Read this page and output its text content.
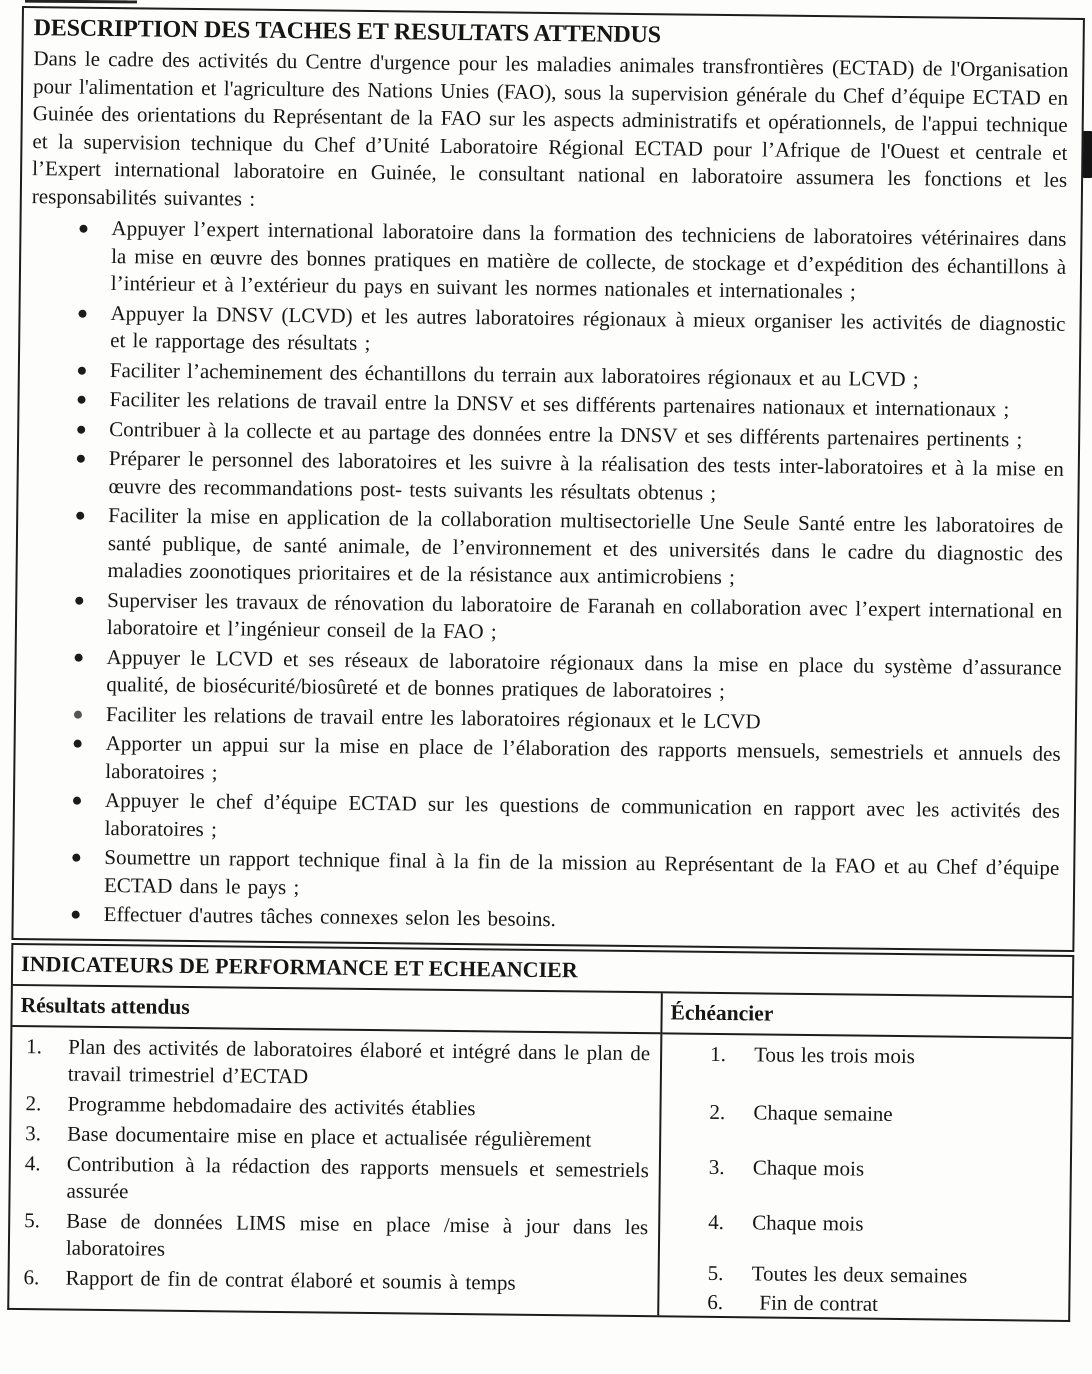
DESCRIPTION DES TACHES ET RESULTATS ATTENDUS

Dans le cadre des activités du Centre d'urgence pour les maladies animales transfrontières (ECTAD) de l'Organisation pour l'alimentation et l'agriculture des Nations Unies (FAO), sous la supervision générale du Chef d’équipe ECTAD en Guinée des orientations du Représentant de la FAO sur les aspects administratifs et opérationnels, de l'appui technique et la supervision technique du Chef d’Unité Laboratoire Régional ECTAD pour l’Afrique de l'Ouest et centrale et l’Expert international laboratoire en Guinée, le consultant national en laboratoire assumera les fonctions et les responsabilités suivantes :

Appuyer l’expert international laboratoire dans la formation des techniciens de laboratoires vétérinaires dans la mise en œuvre des bonnes pratiques en matière de collecte, de stockage et d’expédition des échantillons à l’intérieur et à l’extérieur du pays en suivant les normes nationales et internationales ;
Appuyer la DNSV (LCVD) et les autres laboratoires régionaux à mieux organiser les activités de diagnostic et le rapportage des résultats ;
Faciliter l’acheminement des échantillons du terrain aux laboratoires régionaux et au LCVD ;
Faciliter les relations de travail entre la DNSV et ses différents partenaires nationaux et internationaux ;
Contribuer à la collecte et au partage des données entre la DNSV et ses différents partenaires pertinents ;
Préparer le personnel des laboratoires et les suivre à la réalisation des tests inter-laboratoires et à la mise en œuvre des recommandations post- tests suivants les résultats obtenus ;
Faciliter la mise en application de la collaboration multisectorielle Une Seule Santé entre les laboratoires de santé publique, de santé animale, de l’environnement et des universités dans le cadre du diagnostic des maladies zoonotiques prioritaires et de la résistance aux antimicrobiens ;
Superviser les travaux de rénovation du laboratoire de Faranah en collaboration avec l’expert international en laboratoire et l’ingénieur conseil de la FAO ;
Appuyer le LCVD et ses réseaux de laboratoire régionaux dans la mise en place du système d’assurance qualité, de biosécurité/biosûreté et de bonnes pratiques de laboratoires ;
Faciliter les relations de travail entre les laboratoires régionaux et le LCVD
Apporter un appui sur la mise en place de l’élaboration des rapports mensuels, semestriels et annuels des laboratoires ;
Appuyer le chef d’équipe ECTAD sur les questions de communication en rapport avec les activités des laboratoires ;
Soumettre un rapport technique final à la fin de la mission au Représentant de la FAO et au Chef d’équipe ECTAD dans le pays ;
Effectuer d'autres tâches connexes selon les besoins.
INDICATEURS DE PERFORMANCE ET ECHEANCIER
Résultats attendus
Plan des activités de laboratoires élaboré et intégré dans le plan de travail trimestriel d’ECTAD
Programme hebdomadaire des activités établies
Base documentaire mise en place et actualisée régulièrement
Contribution à la rédaction des rapports mensuels et semestriels assurée
Base de données LIMS mise en place /mise à jour dans les laboratoires
Rapport de fin de contrat élaboré et soumis à temps
Échéancier
Tous les trois mois
Chaque semaine
Chaque mois
Chaque mois
Toutes les deux semaines
Fin de contrat
